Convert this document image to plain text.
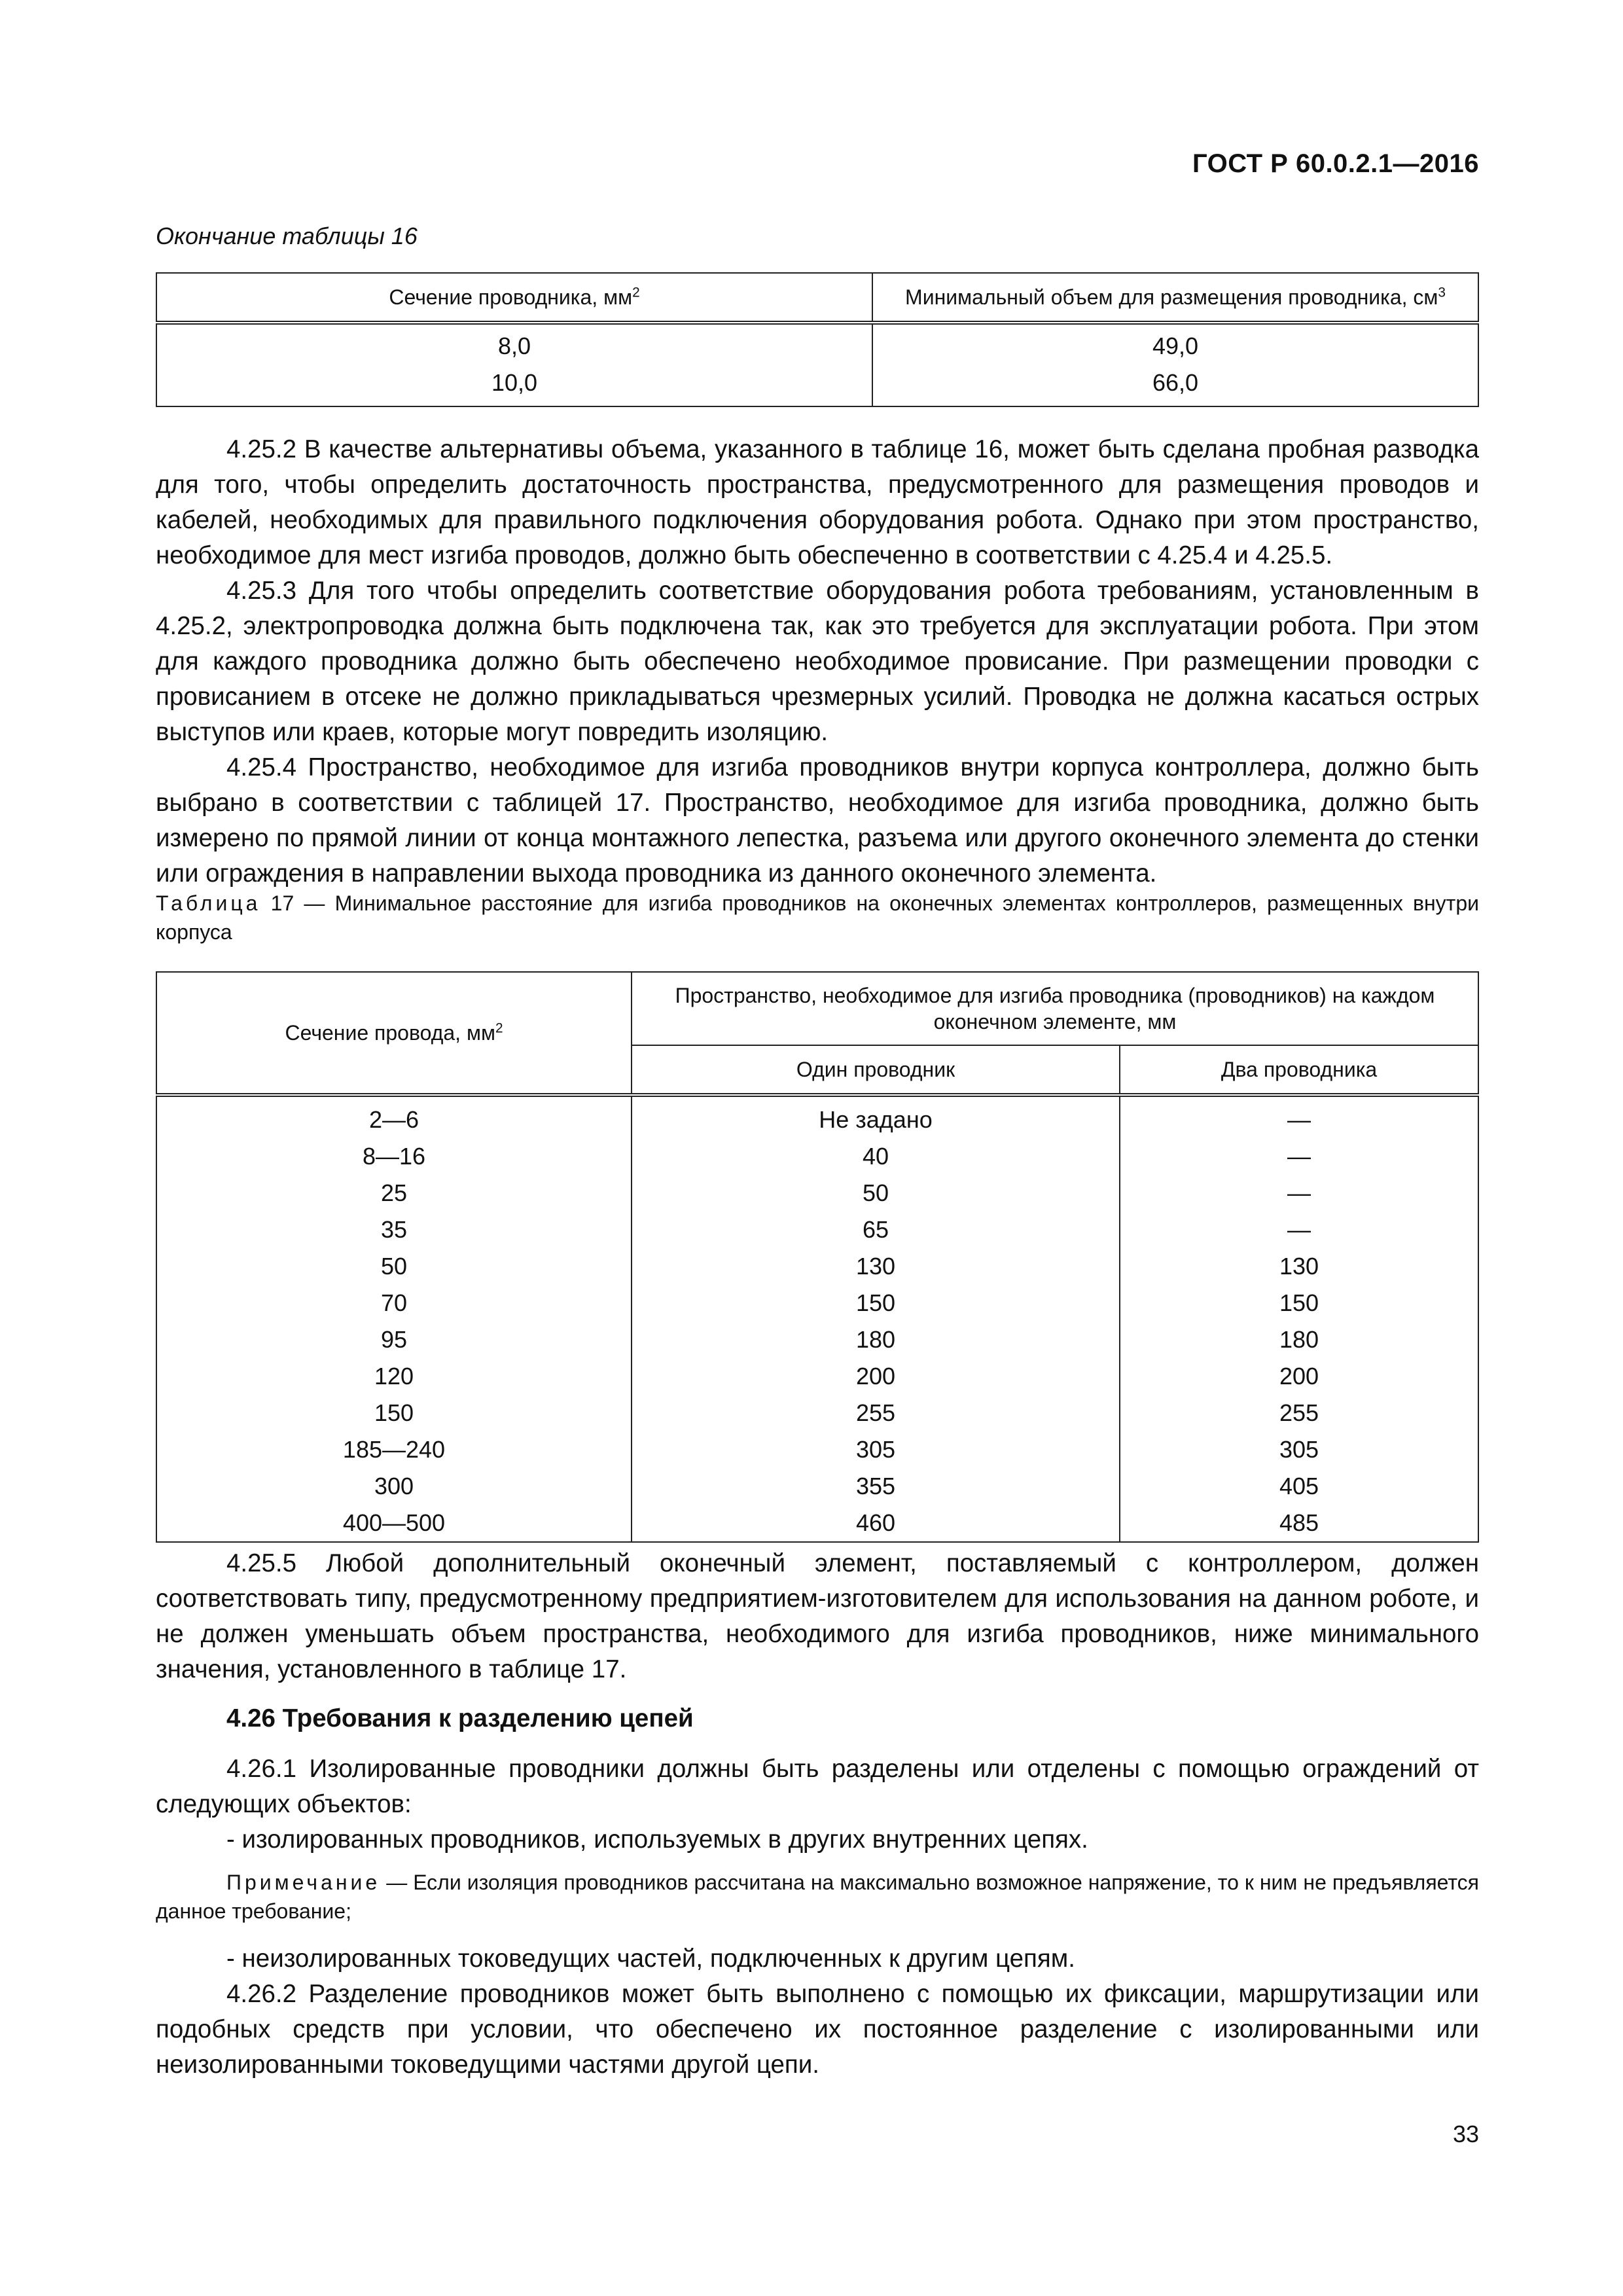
ГОСТ Р 60.0.2.1—2016
Окончание таблицы 16
Сечение проводника, $мм^2$	Минимальный объем для размещения проводника, $см^3$
8,0	49,0
10,0	66,0

4.25.2 В качестве альтернативы объема, указанного в таблице 16, может быть сделана пробная разводка для того, чтобы определить достаточность пространства, предусмотренного для размещения проводов и кабелей, необходимых для правильного подключения оборудования робота. Однако при этом пространство, необходимое для мест изгиба проводов, должно быть обеспеченно в соответствии с 4.25.4 и 4.25.5.

4.25.3 Для того чтобы определить соответствие оборудования робота требованиям, установленным в 4.25.2, электропроводка должна быть подключена так, как это требуется для эксплуатации робота. При этом для каждого проводника должно быть обеспечено необходимое провисание. При размещении проводки с провисанием в отсеке не должно прикладываться чрезмерных усилий. Проводка не должна касаться острых выступов или краев, которые могут повредить изоляцию.

4.25.4 Пространство, необходимое для изгиба проводников внутри корпуса контроллера, должно быть выбрано в соответствии с таблицей 17. Пространство, необходимое для изгиба проводника, должно быть измерено по прямой линии от конца монтажного лепестка, разъема или другого оконечного элемента до стенки или ограждения в направлении выхода проводника из данного оконечного элемента.

Таблица 17 — Минимальное расстояние для изгиба проводников на оконечных элементах контроллеров, размещенных внутри корпуса
Сечение провода, $мм^2$	Пространство, необходимое для изгиба проводника (проводников) на каждом оконечном элементе, мм	
	Один проводник	Два проводника
2—6	Не задано	—
8—16	40	—
25	50	—
35	65	—
50	130	130
70	150	150
95	180	180
120	200	200
150	255	255
185—240	305	305
300	355	405
400—500	460	485

4.25.5 Любой дополнительный оконечный элемент, поставляемый с контроллером, должен соответствовать типу, предусмотренному предприятием-изготовителем для использования на данном роботе, и не должен уменьшать объем пространства, необходимого для изгиба проводников, ниже минимального значения, установленного в таблице 17.

4.26 Требования к разделению цепей

4.26.1 Изолированные проводники должны быть разделены или отделены с помощью ограждений от следующих объектов:

- изолированных проводников, используемых в других внутренних цепях.

Примечание — Если изоляция проводников рассчитана на максимально возможное напряжение, то к ним не предъявляется данное требование;

- неизолированных токоведущих частей, подключенных к другим цепям.

4.26.2 Разделение проводников может быть выполнено с помощью их фиксации, маршрутизации или подобных средств при условии, что обеспечено их постоянное разделение с изолированными или неизолированными токоведущими частями другой цепи.

33
